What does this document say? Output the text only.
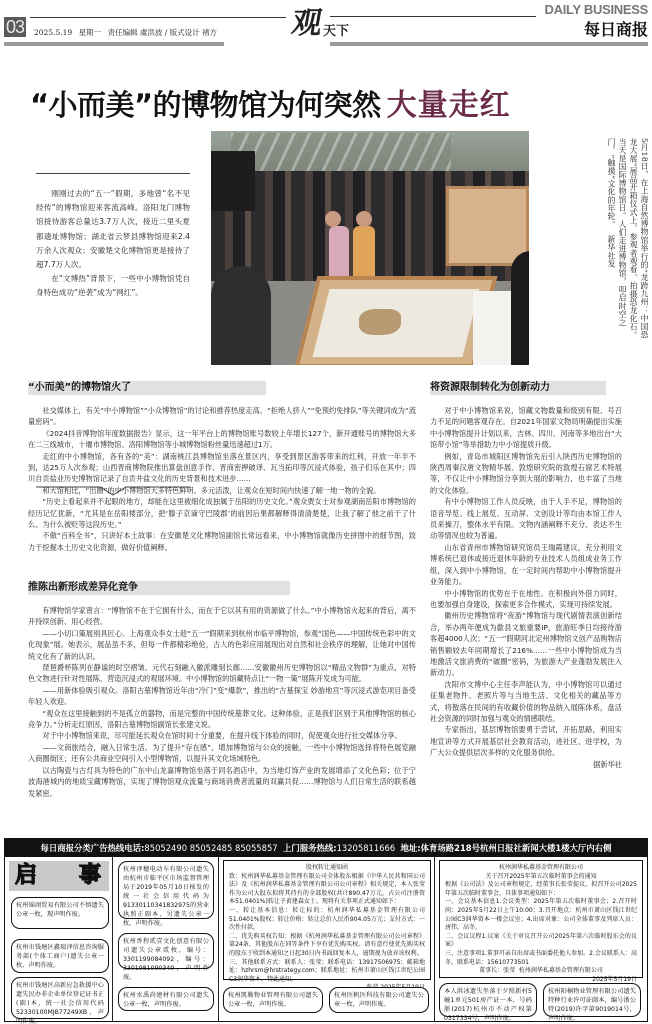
03 2025.5.19 星期一 责任编辑 虞洪波 / 版式设计 褚方 观
天下
DAILY BUSINESS
每日商报
“小而美”的博物馆为何突然 大量走红

刚刚过去的“五一”假期，多地曾“名不见经传”的博物馆迎来客流高峰。洛阳龙门博物馆接待游客总量达3.7万人次，接近二里头夏都遗址博物馆；湖北省云梦县博物馆迎来2.4万余人次观众；安徽楚文化博物馆更是接待了超7.7万人次。

在“文博热”背景下，一些中小博物馆凭自身特色成功“逆袭”成为“网红”。	5月18日，在上海自然博物馆举行的“龙跨九州：中国恐龙大展”展品开箱仪式上，参观者观看、拍摄恐龙化石。当天是国际博物馆日。人们走进博物馆，叩启时空之门，“触摸”文化的年轮。新华社发
“小而美”的博物馆火了

社交媒体上，有关“中小博物馆”“小众博物馆”的讨论和推荐热度走高。“拒绝人挤人”“免预约免排队”等关键词成为“流量密码”。

《2024抖音博物馆年度数据报告》显示，这一年平台上的博物馆账号数较上年增长127个，新开通账号的博物馆大多在二三线城市，十堰市博物馆、洛阳博物馆等小城博物馆粉丝量迅速超过1万。

走红的中小博物馆，各有各的“美”：湖南桃江县博物馆坐落在景区内，享受到景区游客带来的红利，开放一年半不到，达25万人次参观；山西晋商博物院推出算盘创意手作、晋商密押破译、瓦当拓印等沉浸式体验，孩子们乐在其中；四川自贡盐业历史博物馆记录了自贡井盐文化的历史背景和技术进步……

和大馆相比，“出圈”的中小博物馆大多特色鲜明、多元活泼，让观众在短时间内快速了解一地一物的全貌。

“历史上看起来并不起眼的地方，却能在这里被细化成独属于岳阳的历史文化。”观众贾女士对参观湖南岳阳市博物馆的经历记忆犹新，“尤其是在岳阳楼部分，把‘滕子京谪守巴陵郡’的前因后果都解释得清清楚楚，让我了解了他之前干了什么、为什么被贬等这段历史。”

不做“百科全书”，只讲好本土故事：在安徽楚文化博物馆副馆长常远看来，中小博物馆就像历史拼图中的细节图，致力于挖掘本土历史文化资源，做好价值阐释。

推陈出新形成差异化竞争

有博物馆学家曾言：“博物馆不在于它拥有什么，而在于它以其有用的资源做了什么。”中小博物馆火起来的背后，离不开持续创新、用心经营。

——小切口策展别具匠心。上海观众李女士趁“五一”假期来到杭州市临平博物馆，参观“国色——中国传统色彩中的文化现象”展。她表示，展品虽不多，但每一件都精彩绝伦，古人的色彩应用展现出对自然和社会秩序的理解，让她对中国传统文化有了新的认识。

琵琶爵杯陈列在静谧的时空褶皱、元代石刻融入徽派雕刻长廊……安徽徽州历史博物馆以“精品文物群”为重点，对特色文物进行针对性展陈，营造沉浸式的观展环境。中小博物馆的馆藏特点让“一物一策”展陈开发成为可能。

——用新体验吸引观众。洛阳古墓博物馆近年由“冷门”变“爆款”，推出的“古墓探宝 妙游地宫”等沉浸式游览项目备受年轻人欢迎。

“观众在这里接触到的不是孤立的器物，而是完整的中国传统墓葬文化。这种体验，正是我们区别于其他博物馆的核心竞争力。”分析走红原因，洛阳古墓博物馆副馆长张建文说。

对于中小博物馆来说，尽可能延长观众在馆时间十分重要，在提升线下体验的同时，促使观众进行社交媒体分享。

——文商旅结合，融入日常生活。为了提升“存在感”，增加博物馆与公众的接触，一些中小博物馆选择将特色展览融入商圈街区；还有公共商业空间引入小型博物馆，以提升其文化场域特色。

以古陶瓷与古灯具为特色的广东中山龙嘉博物馆坐落于同名酒店中，为当地灯饰产业的发展增添了文化色彩；位于宁波海港城内的地质宝藏博物馆，实现了博物馆观众流量与商场消费者流量的双赢共促……博物馆与人们日常生活的联系越发紧密。

将资源限制转化为创新动力

对于中小博物馆来说，馆藏文物数量和级别有限、号召力不足的问题客观存在。自2021年国家文物局明确提出实施中小博物馆提升计划以来，吉林、四川、河南等多地出台“大馆带小馆”等举措助力中小馆提质升级。

例如，青岛市城阳区博物馆先后引入陕西历史博物馆的陕西周秦汉唐文物精华展、敦煌研究院的敦煌石窟艺术特展等，不仅让中小博物馆分享到大展的影响力，也丰富了当地的文化体验。

有中小博物馆工作人员反映，由于人手不足，博物馆的语音导览、线上展览、互动屏、文创设计等均由本馆工作人员来操刀，整体水平有限。文物内涵阐释不充分、表达不生动等情况也较为普遍。

山东省青州市博物馆研究馆员王瑞霞建议，充分利用文博系统已退休或接近退休年龄的专业技术人员组成业务工作组，深入到中小博物馆，在一定时间内帮助中小博物馆提升业务能力。

中小博物馆的优势在于在地性。在积极向外借力同时，也要加强自身建设，探索更多合作模式，实现可持续发展。

徽州历史博物馆将“夜游”博物馆与现代剧情表演创新结合，举办两年便成为歙县文旅重要IP，旅游旺季日均接待游客超4000人次；“五一”假期河北定州博物馆文创产品购物店销售额较去年同期增长了216%……一些中小博物馆成为当地激活文旅消费的“破圈”密码，为旅游大产业蓬勃发展注入新动力。

沈阳市文博中心主任李声能认为，中小博物馆可以通过征集老物件、老照片等与当地生活、文化相关的藏品等方式，将散落在民间的有收藏价值的物品纳入展陈体系，盘活社会资源的同时加强与观众的情感联结。

专家指出，基层博物馆要勇于尝试，开拓思路，利用实地宣讲等方式开展基层社会教育活动，进社区、进学校，为广大公众提供层次多样的文化服务供给。

据新华社

每日商报分类广告热线电话:85052490 85052485 85055857 上门服务热线:13205811666 地址:体育场路218号杭州日报社新闻大楼1楼大厅内右侧
启 事
杭州锦翊贸易有限公司不慎遗失公章一枚，现声明作废。
杭州市钱塘区鑫瑞泽信息咨询服务部(个体工商户)遗失公章一枚，声明作废。
杭州市钱塘区高新应急救援中心遗失民办非企业单位登记证书正(副)本，统一社会信用代码52330100MJB77249XB，声明作废。
杭州泽穗电动车有限公司遗失由杭州市临平区市场监督管理局于2019年05月10日核发的统一社会信用代码为91330110341832975的营业执照正副本，另遗失公章一枚，声明作废。
杭州香程贰壹文化创意有限公司遗失公章贰枚，编号：3301199084092，编号：3301981090340，声明作废。
杭州水禹尚建材有限公司遗失公章一枚，声明作废。
股权转让通知函
致：杭州润华私募基金管理有限公司全体股东根据《中华人民共和国公司法》及《杭州润华私募基金管理有限公司公司章程》相关规定，本人张莹作为公司大股东拟将其持有的全部股权(共计890.47万元，占公司注册资本51.0401%)转让予黄建森女士。现将有关事项正式通知如下：
一、转让基本信息：转让标的：杭州润华私募基金管理有限公司51.0401%股权；转让价格：转让总价人民币904.05万元；支付方式：一次性付款。
二、优先购买权告知：根据《杭州润华私募基金管理有限公司公司章程》第24条，其他股东在同等条件下享有优先购买权。请有意行使优先购买权的股东于收到本通知之日起30日内书面回复本人，逾期视为放弃该权利。
三、其他联系方式：联系人：张莹；联系电话：13917506975；邮箱地址：hzhrsm@hrstrategy.com；联系地址：杭州市萧山区钱江世纪公园C3润华资本。特此通知。
杭州凯勤物业管理有限公司遗失公章一枚，声明作废。
杭州医帆医科技有限公司遗失公章一枚，声明作废。
杭州润华私募基金管理有限公司
关于召开2025年第五次临时董事会的通知
根据《公司法》及公司章程规定，经董事长张莹提议，拟召开公司2025年第五次临时董事会，具体事项通知如下：
一、会议基本信息1.会议类型：2025年第五次临时董事会；2.召开时间：2025年5月22日上午10:00；3.召开地点：杭州市萧山区钱江世纪公园C3润华资本一楼会议室；4.出席对象：公司全体董事及列席人员：唐伟、高冬。
二、会议议程1.议案《关于审议召开公司2025年第六次临时股东会的议案》
三、注意事项1.董事可亲自出席或书面委托他人参加。2.会议联系人：高冬，联系电话：15610773501
董事长：张莹 杭州润华私募基金管理有限公司
2025年5月19日
本人洪冰遗失坐落于夕照新村5幢1单元501房产证一本，号码浙(2017)杭州市不动产权第0317334号，声明作废。
杭州阳楠物业管理有限公司遗失特种行业许可证副本，编号浙公特(2019)许字第9019014号，声明作废。
